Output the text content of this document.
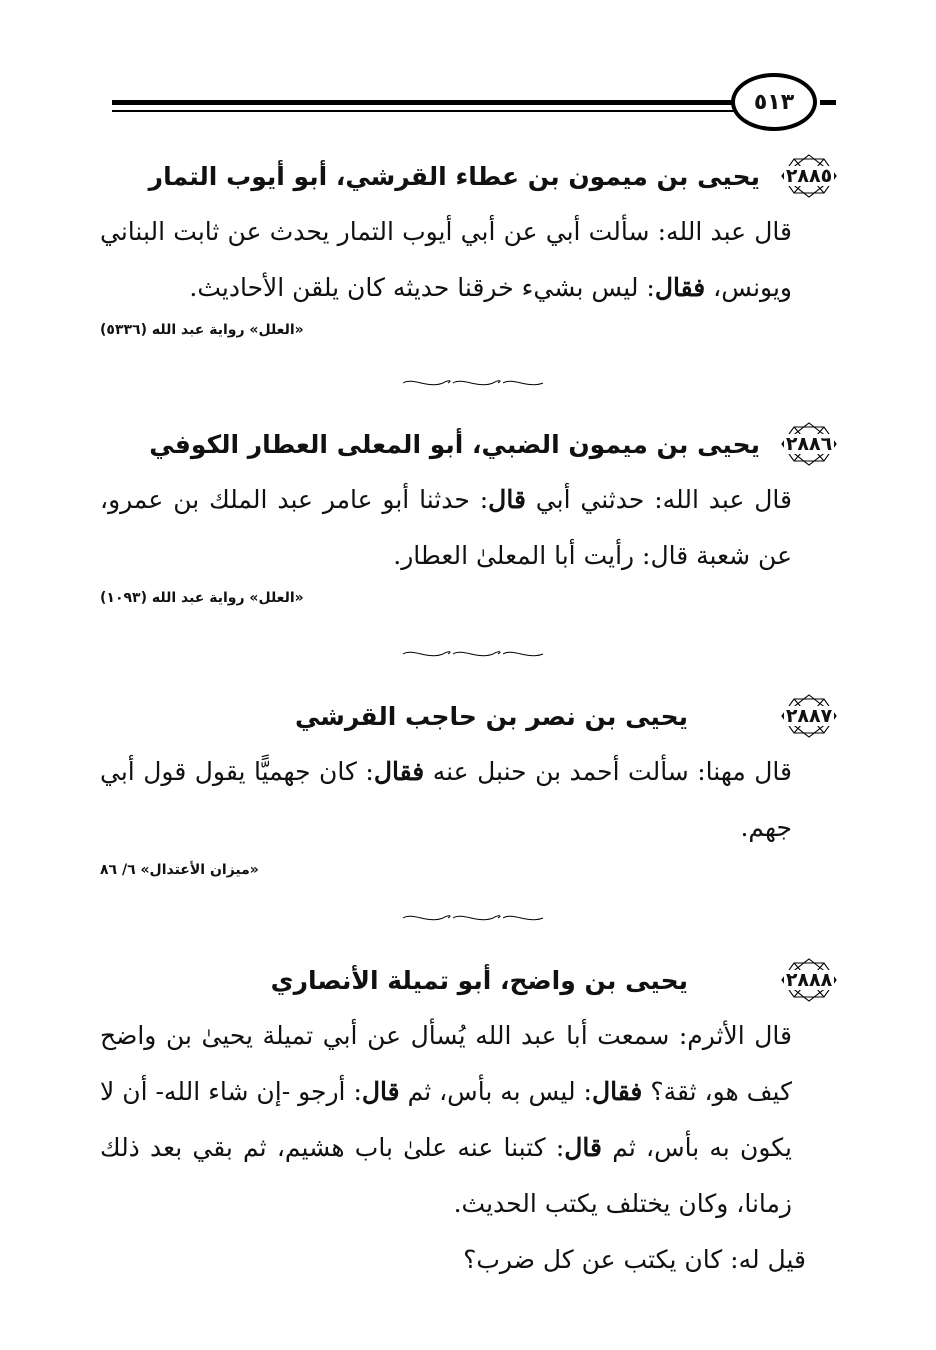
٥١٣
٢٨٨٥
يحيى بن ميمون بن عطاء القرشي، أبو أيوب التمار

قال عبد الله: سألت أبي عن أبي أيوب التمار يحدث عن ثابت البناني ويونس، فقال: ليس بشيء خرقنا حديثه كان يلقن الأحاديث.

«العلل» رواية عبد الله (٥٣٣٦)
٢٨٨٦
يحيى بن ميمون الضبي، أبو المعلى العطار الكوفي

قال عبد الله: حدثني أبي قال: حدثنا أبو عامر عبد الملك بن عمرو، عن شعبة قال: رأيت أبا المعلىٰ العطار.

«العلل» رواية عبد الله (١٠٩٣)
٢٨٨٧
يحيى بن نصر بن حاجب القرشي

قال مهنا: سألت أحمد بن حنبل عنه فقال: كان جهميًّا يقول قول أبي جهم.

«ميزان الأعتدال» ٦/ ٨٦
٢٨٨٨
يحيى بن واضح، أبو تميلة الأنصاري

قال الأثرم: سمعت أبا عبد الله يُسأل عن أبي تميلة يحيىٰ بن واضح كيف هو، ثقة؟ فقال: ليس به بأس، ثم قال: أرجو -إن شاء الله- أن لا يكون به بأس، ثم قال: كتبنا عنه علىٰ باب هشيم، ثم بقي بعد ذلك زمانا، وكان يختلف يكتب الحديث.

قيل له: كان يكتب عن كل ضرب؟
